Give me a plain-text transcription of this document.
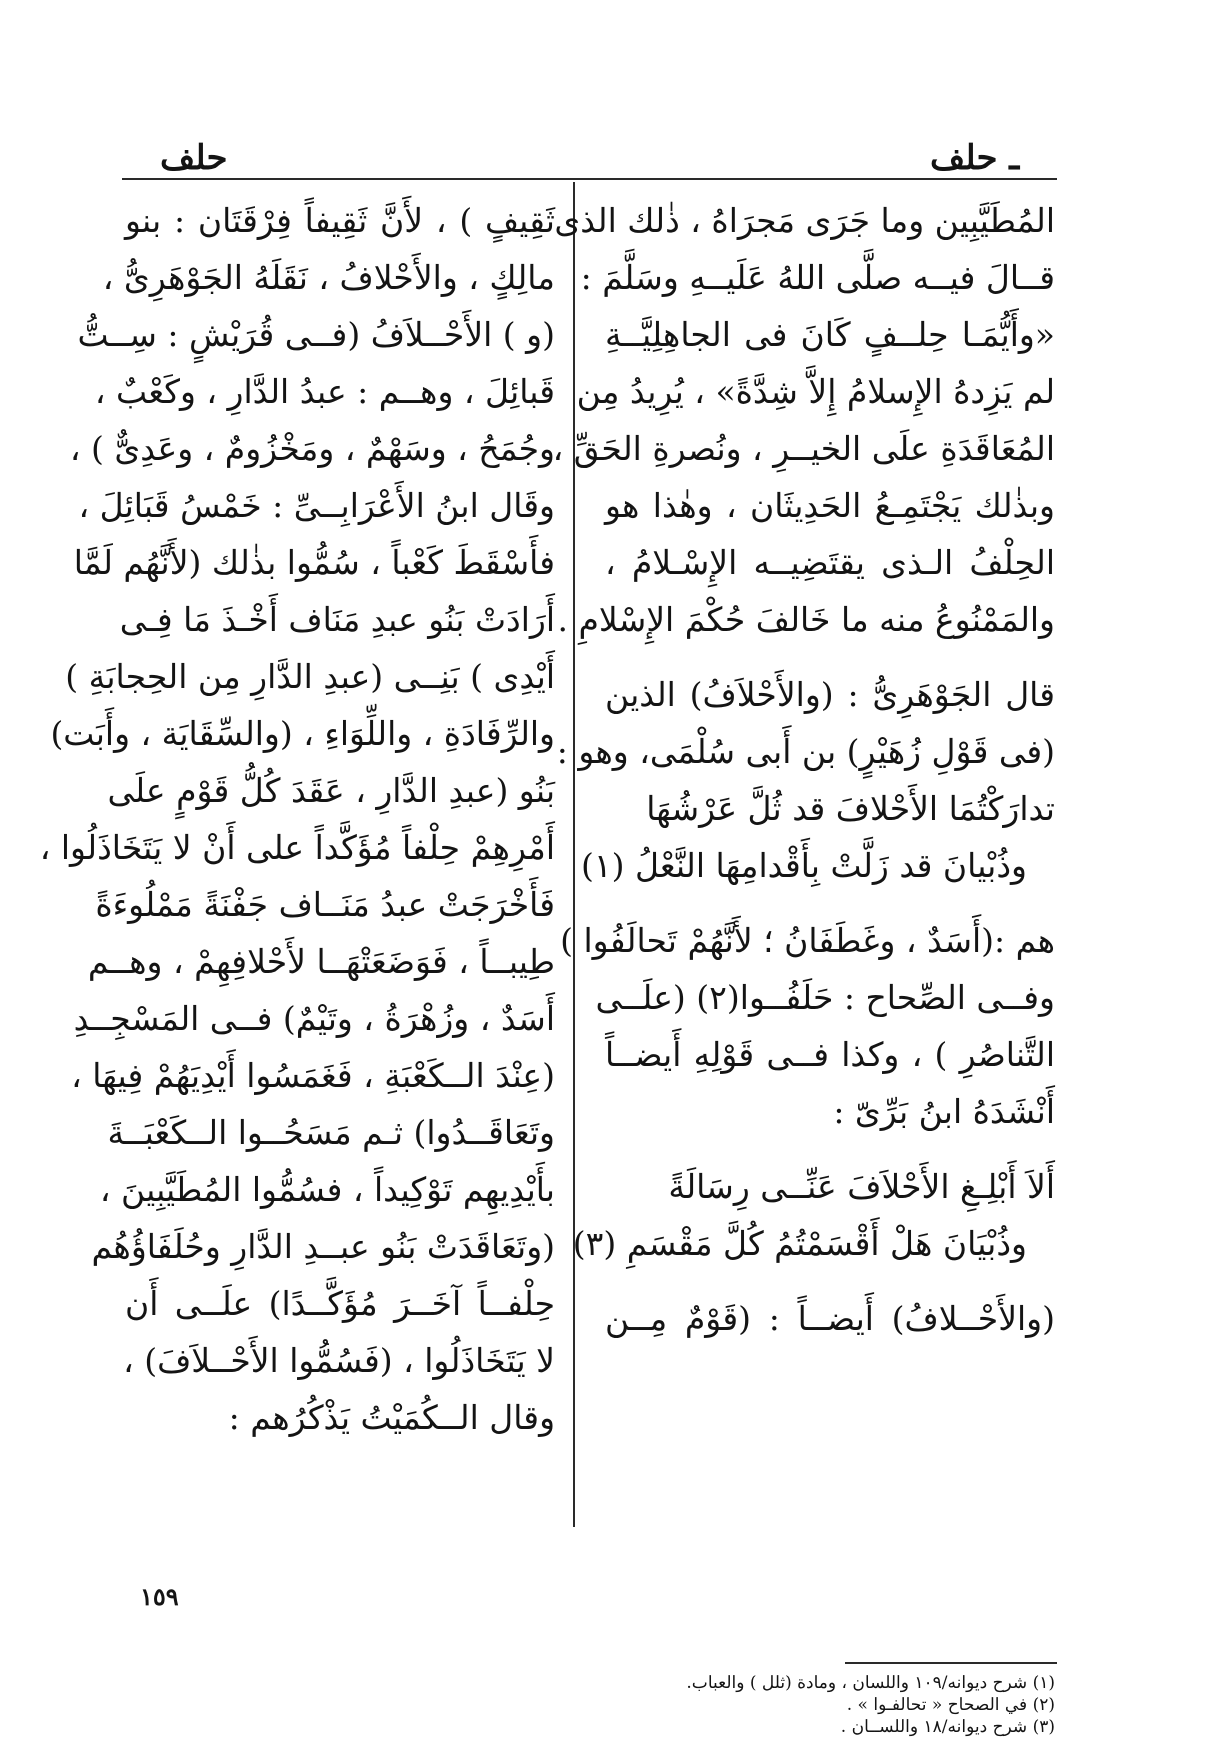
ـ حلف
حلف
المُطَيَّبِين وما جَرَى مَجرَاهُ ، ذٰلك الذى
قــالَ فيــه صلَّى اللهُ عَلَيــهِ وسَلَّمَ :
«وأَيُّمَـا حِلــفٍ كَانَ فى الجاهِلِيَّــةِ
لم يَزِدهُ الإِسلامُ إِلاَّ شِدَّةً» ، يُرِيدُ مِن
المُعَاقَدَةِ علَى الخيــرِ ، ونُصرةِ الحَقِّ ،
وبذٰلك يَجْتَمِـعُ الحَدِيثَان ، وهٰذا هو
الحِلْفُ الـذى يقتَضِيــه الإِسْـلامُ ،
والمَمْنُوعُ منه ما خَالفَ حُكْمَ الإِسْلامِ .
قال الجَوْهَرِىُّ : (والأَحْلاَفُ) الذين
(فى قَوْلِ زُهَيْرٍ) بن أَبى سُلْمَى، وهو :
تدارَكْتُمَا الأَحْلافَ قد ثُلَّ عَرْشُهَا
وذُبْيانَ قد زَلَّتْ بِأَقْدامِهَا النَّعْلُ (١)
هم :(أَسَدٌ ، وغَطَفَانُ ؛ لأَنَّهُمْ تَحالَفُوا )
وفــى الصِّحاح : حَلَفُــوا(٢) (علَــى
التَّناصُرِ ) ، وكذا فــى قَوْلِهِ أَيضــاً
أَنْشَدَهُ ابنُ بَرِّىّ :
أَلاَ أَبْلِـغِ الأَحْلاَفَ عَنِّــى رِسَالَةً
وذُبْيَانَ هَلْ أَقْسَمْتُمُ كُلَّ مَقْسَمِ (٣)
(والأَحْــلافُ) أَيضــاً : (قَوْمٌ مِــن
ثَقِيفٍ ) ، لأَنَّ ثَقِيفاً فِرْقَتَان : بنو
مالِكٍ ، والأَحْلافُ ، نَقَلَهُ الجَوْهَرِىُّ ،
(و ) الأَحْــلاَفُ (فــى قُرَيْشٍ : سِــتُّ
قَبائِلَ ، وهــم : عبدُ الدَّارِ ، وكَعْبٌ ،
وجُمَحُ ، وسَهْمٌ ، ومَخْزُومٌ ، وعَدِىٌّ ) ،
وقَال ابنُ الأَعْرَابِــىِّ : خَمْسُ قَبَائِلَ ،
فأَسْقَطَ كَعْباً ، سُمُّوا بذٰلك (لأَنَّهُم لَمَّا
أَرَادَتْ بَنُو عبدِ مَنَاف أَخْـذَ مَا فِـى
أَيْدِى ) بَنِــى (عبدِ الدَّارِ مِن الحِجابَةِ )
والرِّفَادَةِ ، واللِّوَاءِ ، (والسِّقَايَة ، وأَبَت)
بَنُو (عبدِ الدَّارِ ، عَقَدَ كُلُّ قَوْمٍ علَى
أَمْرِهِمْ حِلْفاً مُؤَكَّداً على أَنْ لا يَتَخَاذَلُوا ،
فَأَخْرَجَتْ عبدُ مَنَــاف جَفْنَةً مَمْلُوءَةً
طِيبــاً ، فَوَضَعَتْهَــا لأَحْلافِهِمْ ، وهــم
أَسَدٌ ، وزُهْرَةُ ، وتَيْمٌ) فــى المَسْجِــدِ
(عِنْدَ الــكَعْبَةِ ، فَغَمَسُوا أَيْدِيَهُمْ فِيهَا ،
وتَعَاقَــدُوا) ثـم مَسَحُــوا الــكَعْبَــةَ
بأَيْدِيهِم تَوْكِيداً ، فسُمُّوا المُطَيَّبِينَ ،
(وتَعَاقَدَتْ بَنُو عبــدِ الدَّارِ وحُلَفَاؤُهُم
حِلْفــاً آخَــرَ مُؤَكَّــدًا) علَــى أَن
لا يَتَخَاذَلُوا ، (فَسُمُّوا الأَحْــلاَفَ) ،
وقال الــكُمَيْتُ يَذْكُرُهم :
(١) شرح ديوانه/١٠٩ واللسان ، ومادة (ثلل ) والعباب.
(٢) في الصحاح « تحالفـوا » .
(٣) شرح ديوانه/١٨ واللســان .
١٥٩
